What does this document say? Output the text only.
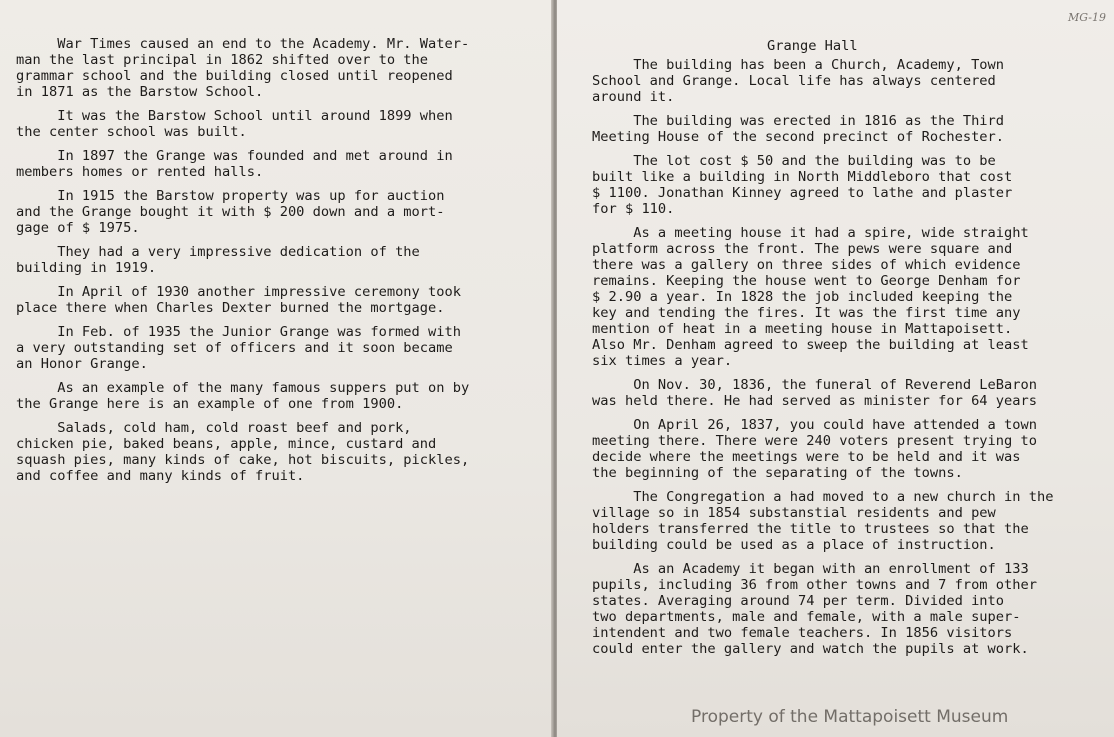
War Times caused an end to the Academy. Mr. Water-
man the last principal in 1862 shifted over to the
grammar school and the building closed until reopened
in 1871 as the Barstow School.

It was the Barstow School until around 1899 when
the center school was built.

In 1897 the Grange was founded and met around in
members homes or rented halls.

In 1915 the Barstow property was up for auction
and the Grange bought it with $ 200 down and a mort-
gage of $ 1975.

They had a very impressive dedication of the
building in 1919.

In April of 1930 another impressive ceremony took
place there when Charles Dexter burned the mortgage.

In Feb. of 1935 the Junior Grange was formed with
a very outstanding set of officers and it soon became
an Honor Grange.

As an example of the many famous suppers put on by
the Grange here is an example of one from 1900.

Salads, cold ham, cold roast beef and pork,
chicken pie, baked beans, apple, mince, custard and
squash pies, many kinds of cake, hot biscuits, pickles,
and coffee and many kinds of fruit.

MG-19
Grange Hall

The building has been a Church, Academy, Town
School and Grange. Local life has always centered
around it.

The building was erected in 1816 as the Third
Meeting House of the second precinct of Rochester.

The lot cost $ 50 and the building was to be
built like a building in North Middleboro that cost
$ 1100. Jonathan Kinney agreed to lathe and plaster
for $ 110.

As a meeting house it had a spire, wide straight
platform across the front. The pews were square and
there was a gallery on three sides of which evidence
remains. Keeping the house went to George Denham for
$ 2.90 a year. In 1828 the job included keeping the
key and tending the fires. It was the first time any
mention of heat in a meeting house in Mattapoisett.
Also Mr. Denham agreed to sweep the building at least
six times a year.

On Nov. 30, 1836, the funeral of Reverend LeBaron
was held there. He had served as minister for 64 years

On April 26, 1837, you could have attended a town
meeting there. There were 240 voters present trying to
decide where the meetings were to be held and it was
the beginning of the separating of the towns.

The Congregation a had moved to a new church in the
village so in 1854 substanstial residents and pew
holders transferred the title to trustees so that the
building could be used as a place of instruction.

As an Academy it began with an enrollment of 133
pupils, including 36 from other towns and 7 from other
states. Averaging around 74 per term. Divided into
two departments, male and female, with a male super-
intendent and two female teachers. In 1856 visitors
could enter the gallery and watch the pupils at work.

Property of the Mattapoisett Museum
